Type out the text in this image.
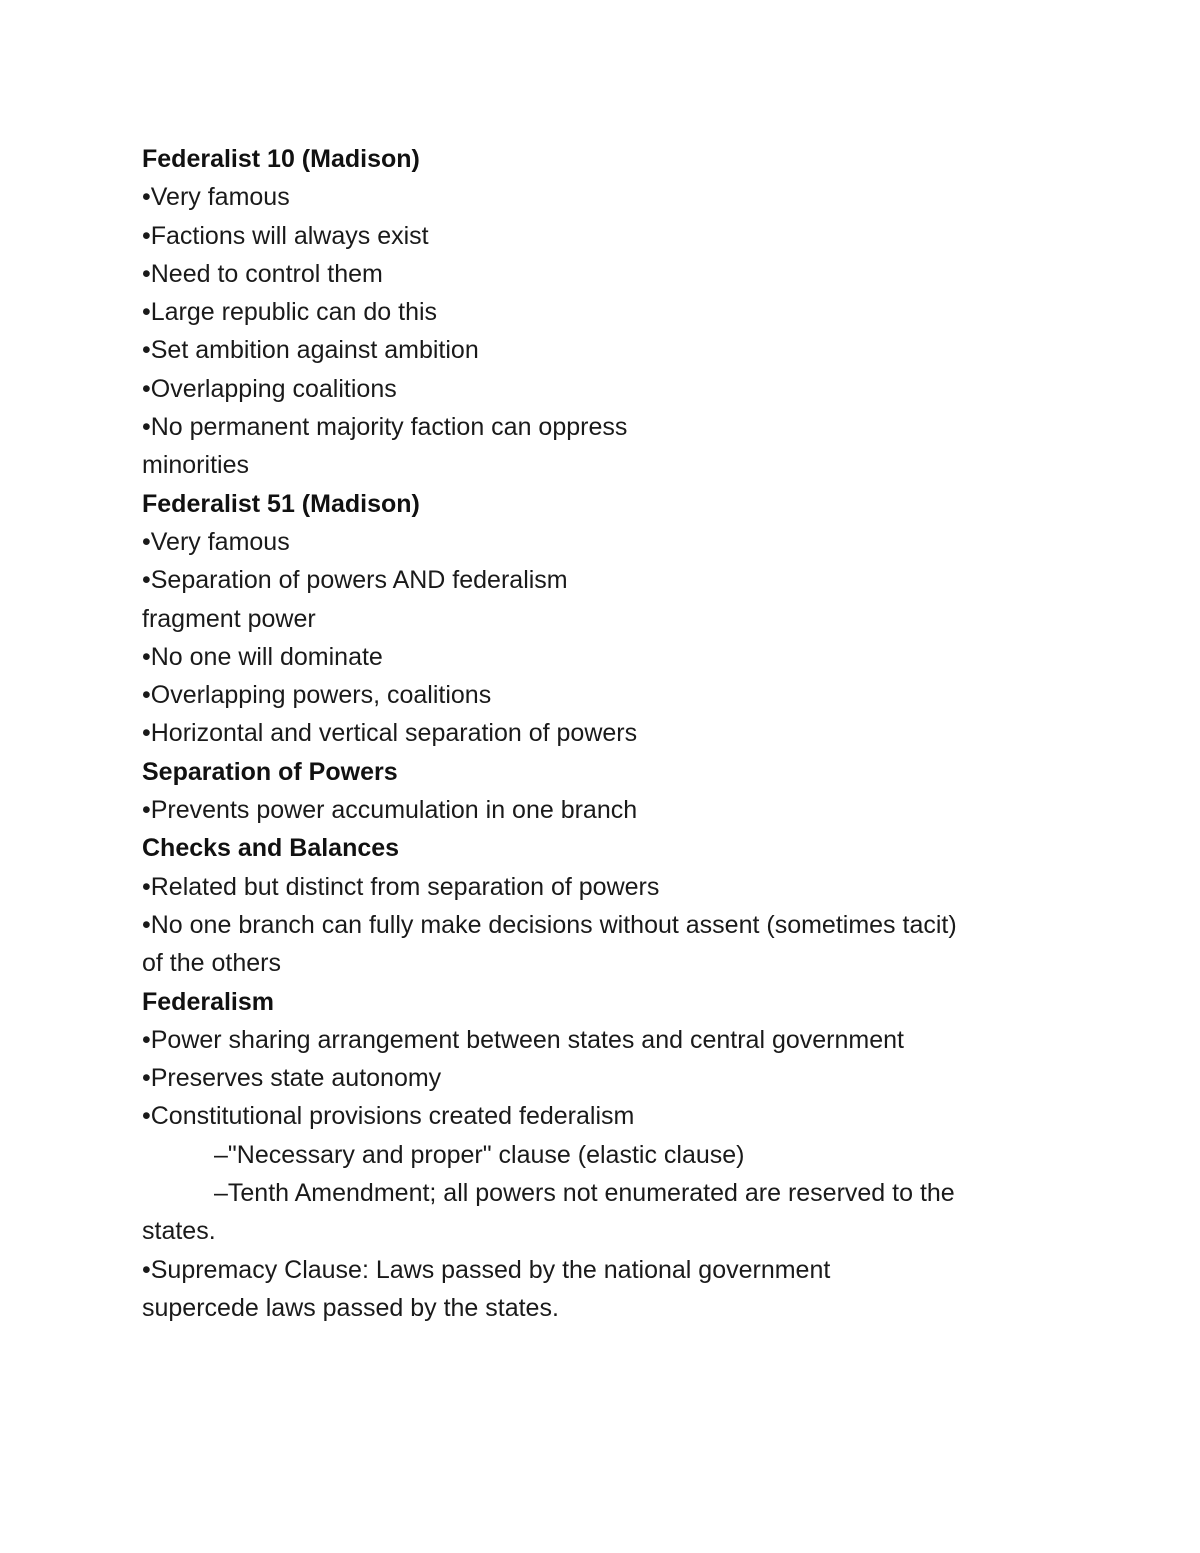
Federalist 10 (Madison)
•Very famous
•Factions will always exist
•Need to control them
•Large republic can do this
•Set ambition against ambition
•Overlapping coalitions
•No permanent majority faction can oppress
minorities
Federalist 51 (Madison)
•Very famous
•Separation of powers AND federalism
fragment power
•No one will dominate
•Overlapping powers, coalitions
•Horizontal and vertical separation of powers
Separation of Powers
•Prevents power accumulation in one branch
Checks and Balances
•Related but distinct from separation of powers
•No one branch can fully make decisions without assent (sometimes tacit)
of the others
Federalism
•Power sharing arrangement between states and central government
•Preserves state autonomy
•Constitutional provisions created federalism
–"Necessary and proper" clause (elastic clause)
–Tenth Amendment; all powers not enumerated are reserved to the
states.
•Supremacy Clause: Laws passed by the national government
supercede laws passed by the states.
